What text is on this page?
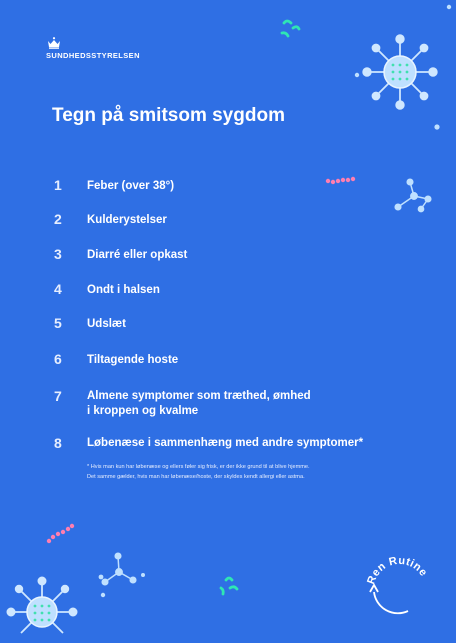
SUNDHEDSSTYRELSEN
Tegn på smitsom sygdom
1 Feber (over 38°)
2 Kulderystelser
3 Diarré eller opkast
4 Ondt i halsen
5 Udslæt
6 Tiltagende hoste
7 Almene symptomer som træthed, ømhed
i kroppen og kvalme
8 Løbenæse i sammenhæng med andre symptomer*
* Hvis man kun har løbenæse og ellers føler sig frisk, er der ikke grund til at blive hjemme.
Det samme gælder, hvis man har løbenæse/hoste, der skyldes kendt allergi eller astma.
Ren Rutine
